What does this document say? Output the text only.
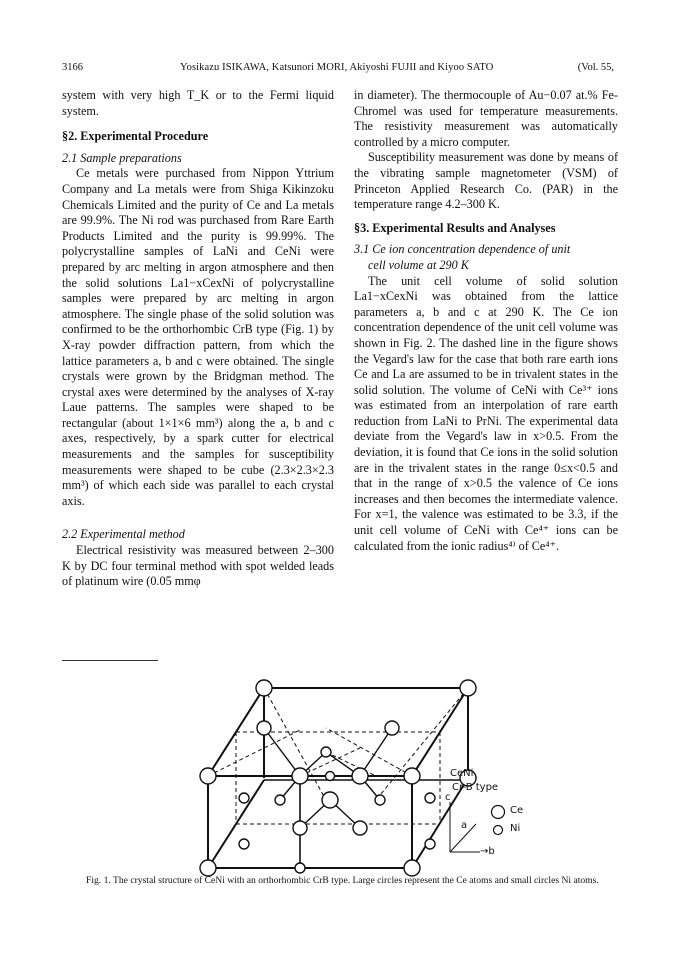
3166	Yosikazu ISIKAWA, Katsunori MORI, Akiyoshi FUJII and Kiyoo SATO	(Vol. 55,

system with very high T_K or to the Fermi liquid system.

§2. Experimental Procedure

2.1 Sample preparations

Ce metals were purchased from Nippon Yttrium Company and La metals were from Shiga Kikinzoku Chemicals Limited and the purity of Ce and La metals are 99.9%. The Ni rod was purchased from Rare Earth Products Limited and the purity is 99.99%. The polycrystalline samples of LaNi and CeNi were prepared by arc melting in argon atmosphere and then the solid solutions La1−xCexNi of polycrystalline samples were prepared by arc melting in argon atmosphere. The single phase of the solid solution was confirmed to be the orthorhombic CrB type (Fig. 1) by X-ray powder diffraction pattern, from which the lattice parameters a, b and c were obtained. The single crystals were grown by the Bridgman method. The crystal axes were determined by the analyses of X-ray Laue patterns. The samples were shaped to be rectangular (about 1×1×6 mm³) along the a, b and c axes, respectively, by a spark cutter for electrical measurements and the samples for susceptibility measurements were shaped to be cube (2.3×2.3×2.3 mm³) of which each side was parallel to each crystal axis.

2.2 Experimental method

Electrical resistivity was measured between 2–300 K by DC four terminal method with spot welded leads of platinum wire (0.05 mmφ

in diameter). The thermocouple of Au−0.07 at.% Fe-Chromel was used for temperature measurements. The resistivity measurement was automatically controlled by a micro computer.

Susceptibility measurement was done by means of the vibrating sample magnetometer (VSM) of Princeton Applied Research Co. (PAR) in the temperature range 4.2–300 K.

§3. Experimental Results and Analyses

3.1 Ce ion concentration dependence of unit

cell volume at 290 K

The unit cell volume of solid solution La1−xCexNi was obtained from the lattice parameters a, b and c at 290 K. The Ce ion concentration dependence of the unit cell volume was shown in Fig. 2. The dashed line in the figure shows the Vegard's law for the case that both rare earth ions Ce and La are assumed to be in trivalent states in the solid solution. The volume of CeNi with Ce³⁺ ions was estimated from an interpolation of rare earth reduction from LaNi to PrNi. The experimental data deviate from the Vegard's law in x>0.5. From the deviation, it is found that Ce ions in the solid solution are in the trivalent states in the range 0≤x<0.5 and that in the range of x>0.5 the valence of Ce ions increases and then becomes the intermediate valence. For x=1, the valence was estimated to be 3.3, if the unit cell volume of CeNi with Ce⁴⁺ ions can be calculated from the ionic radius⁴⁾ of Ce⁴⁺.

CeNi
Cr-B type
c
a
→b
Ce
Ni
Fig. 1. The crystal structure of CeNi with an orthorhombic CrB type. Large circles represent the Ce atoms and small circles Ni atoms.
